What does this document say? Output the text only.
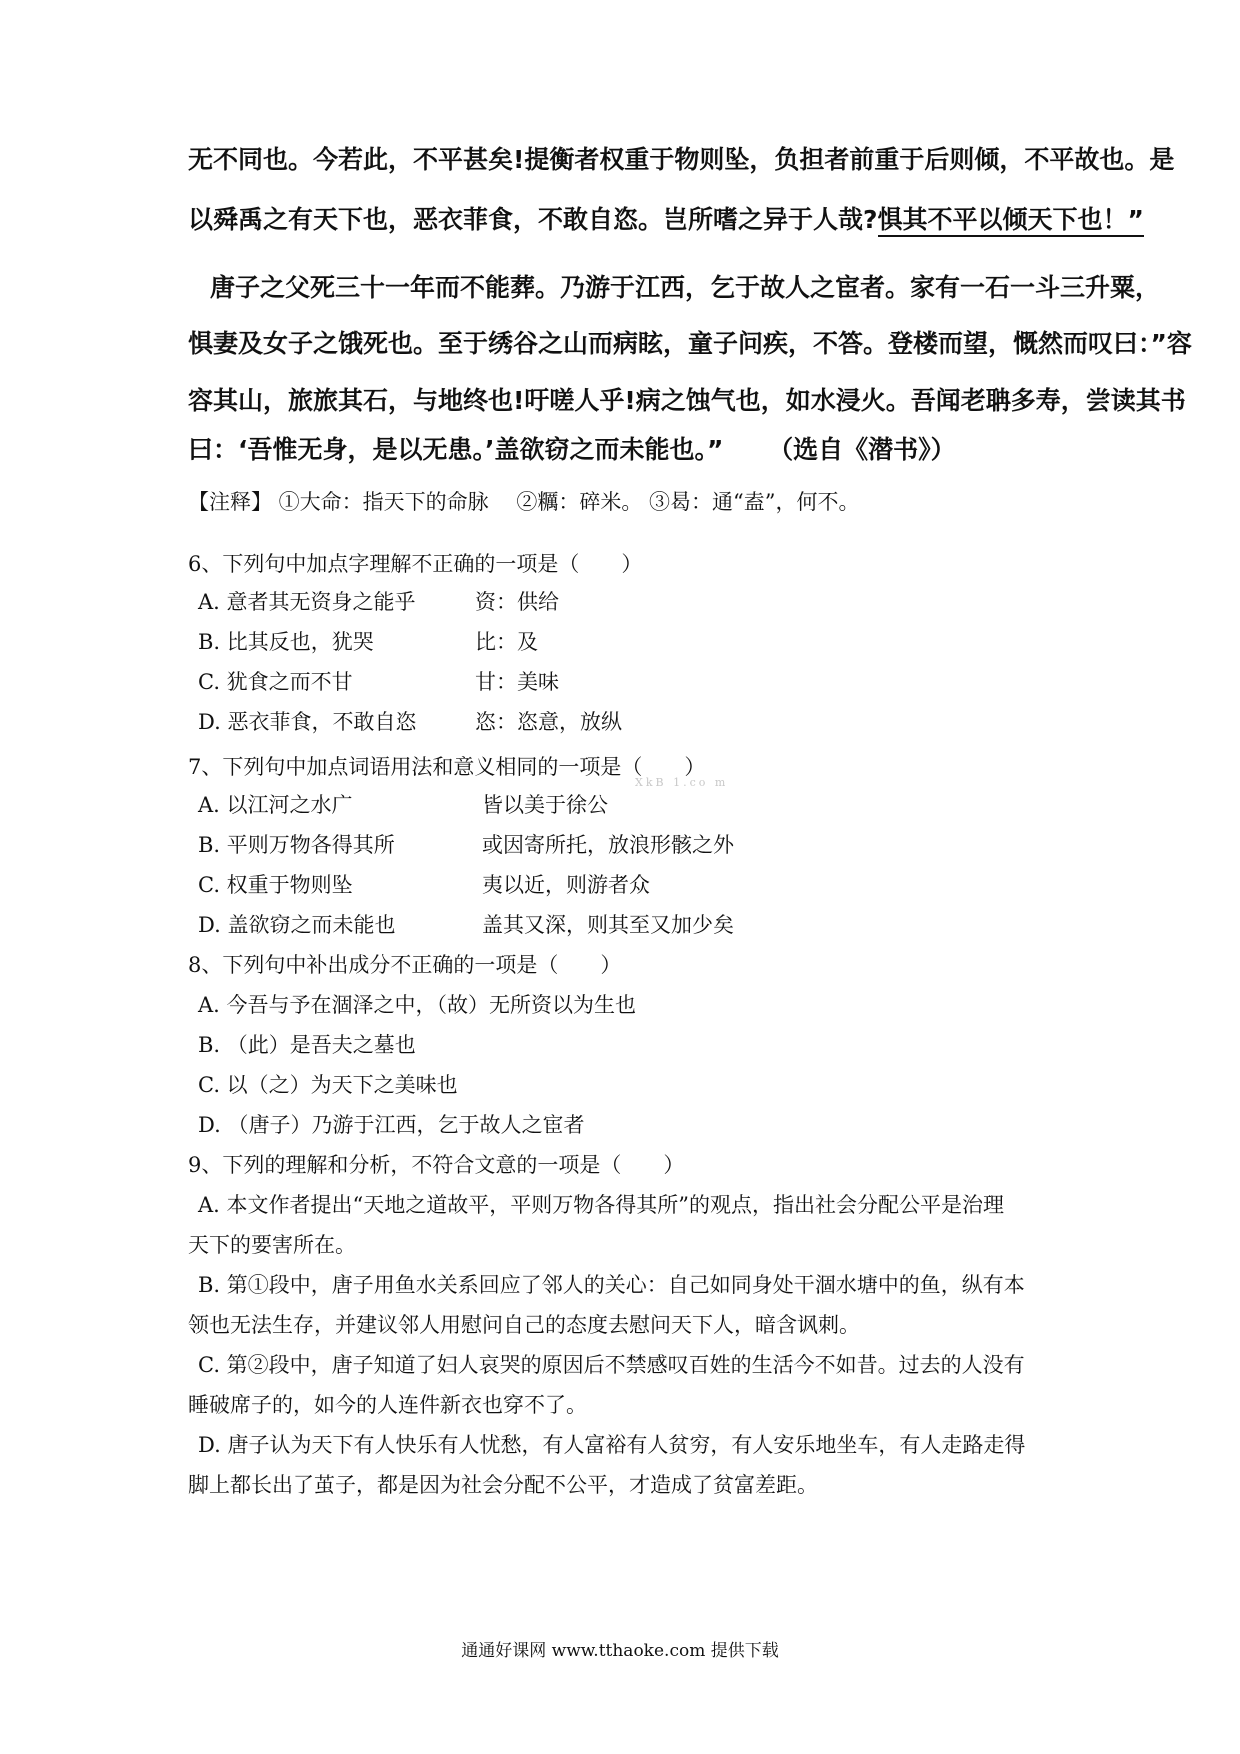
无不同也。今若此，不平甚矣!提衡者权重于物则坠，负担者前重于后则倾，不平故也。是
以舜禹之有天下也，恶衣菲食，不敢自恣。岂所嗜之异于人哉?惧其不平以倾天下也！”
唐子之父死三十一年而不能葬。乃游于江西，乞于故人之宦者。家有一石一斗三升粟，
惧妻及女子之饿死也。至于绣谷之山而病眩，童子问疾，不答。登楼而望，慨然而叹曰：”容
容其山，旅旅其石，与地终也!吁嗟人乎!病之蚀气也，如水浸火。吾闻老聃多寿，尝读其书
曰：‘吾惟无身，是以无患。’盖欲窃之而未能也。” （选自《潜书》）
【注释】 ①大命：指天下的命脉　 ②糲：碎米。 ③曷：通“盍”，何不。
6、下列句中加点字理解不正确的一项是（　　）
A. 意者其无资身之能乎	资：供给
B. 比其反也，犹哭	比：及
C. 犹食之而不甘	甘：美味
D. 恶衣菲食，不敢自恣	恣：恣意，放纵
XkB 1.co m
7、下列句中加点词语用法和意义相同的一项是（　　）
A. 以江河之水广	皆以美于徐公
B. 平则万物各得其所	或因寄所托，放浪形骸之外
C. 权重于物则坠	夷以近，则游者众
D. 盖欲窃之而未能也	盖其又深，则其至又加少矣
8、下列句中补出成分不正确的一项是（　　）
A. 今吾与予在涸泽之中，（故）无所资以为生也
B. （此）是吾夫之墓也
C. 以（之）为天下之美味也
D. （唐子）乃游于江西，乞于故人之宦者
9、下列的理解和分析，不符合文意的一项是（　　）
A. 本文作者提出“天地之道故平，平则万物各得其所”的观点，指出社会分配公平是治理
天下的要害所在。
B. 第①段中，唐子用鱼水关系回应了邻人的关心：自己如同身处干涸水塘中的鱼，纵有本
领也无法生存，并建议邻人用慰问自己的态度去慰问天下人，暗含讽刺。
C. 第②段中，唐子知道了妇人哀哭的原因后不禁感叹百姓的生活今不如昔。过去的人没有
睡破席子的，如今的人连件新衣也穿不了。
D. 唐子认为天下有人快乐有人忧愁，有人富裕有人贫穷，有人安乐地坐车，有人走路走得
脚上都长出了茧子，都是因为社会分配不公平，才造成了贫富差距。
通通好课网 www.tthaoke.com 提供下载
